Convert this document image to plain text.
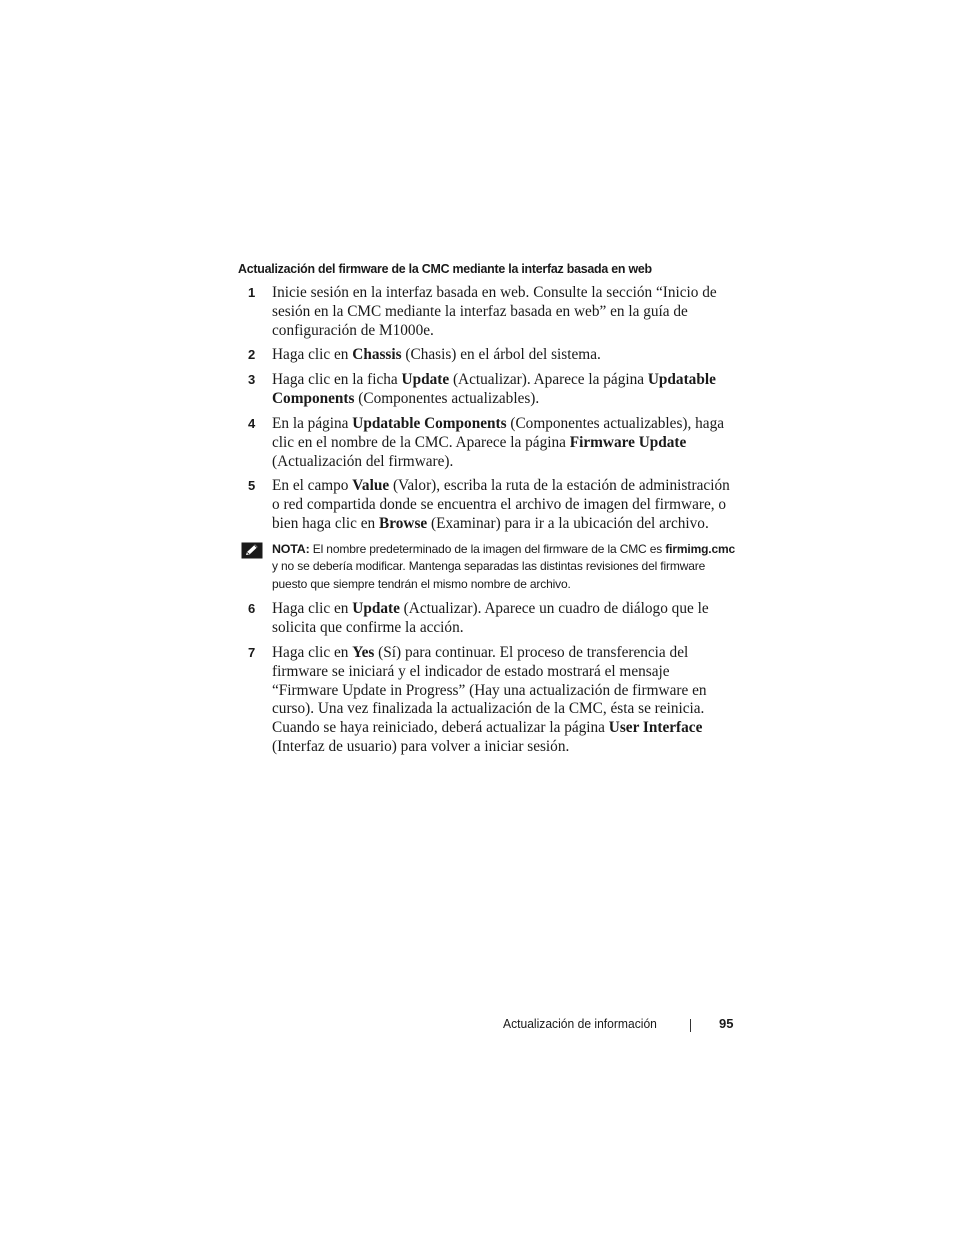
Actualización del firmware de la CMC mediante la interfaz basada en web
1 Inicie sesión en la interfaz basada en web. Consulte la sección “Inicio de sesión en la CMC mediante la interfaz basada en web” en la guía de configuración de M1000e.
2 Haga clic en Chassis (Chasis) en el árbol del sistema.
3 Haga clic en la ficha Update (Actualizar). Aparece la página Updatable Components (Componentes actualizables).
4 En la página Updatable Components (Componentes actualizables), haga clic en el nombre de la CMC. Aparece la página Firmware Update (Actualización del firmware).
5 En el campo Value (Valor), escriba la ruta de la estación de administración o red compartida donde se encuentra el archivo de imagen del firmware, o bien haga clic en Browse (Examinar) para ir a la ubicación del archivo.
NOTA: El nombre predeterminado de la imagen del firmware de la CMC es firmimg.cmc y no se debería modificar. Mantenga separadas las distintas revisiones del firmware puesto que siempre tendrán el mismo nombre de archivo.
6 Haga clic en Update (Actualizar). Aparece un cuadro de diálogo que le solicita que confirme la acción.
7 Haga clic en Yes (Sí) para continuar. El proceso de transferencia del firmware se iniciará y el indicador de estado mostrará el mensaje “Firmware Update in Progress” (Hay una actualización de firmware en curso). Una vez finalizada la actualización de la CMC, ésta se reinicia. Cuando se haya reiniciado, deberá actualizar la página User Interface (Interfaz de usuario) para volver a iniciar sesión.
Actualización de información	95
